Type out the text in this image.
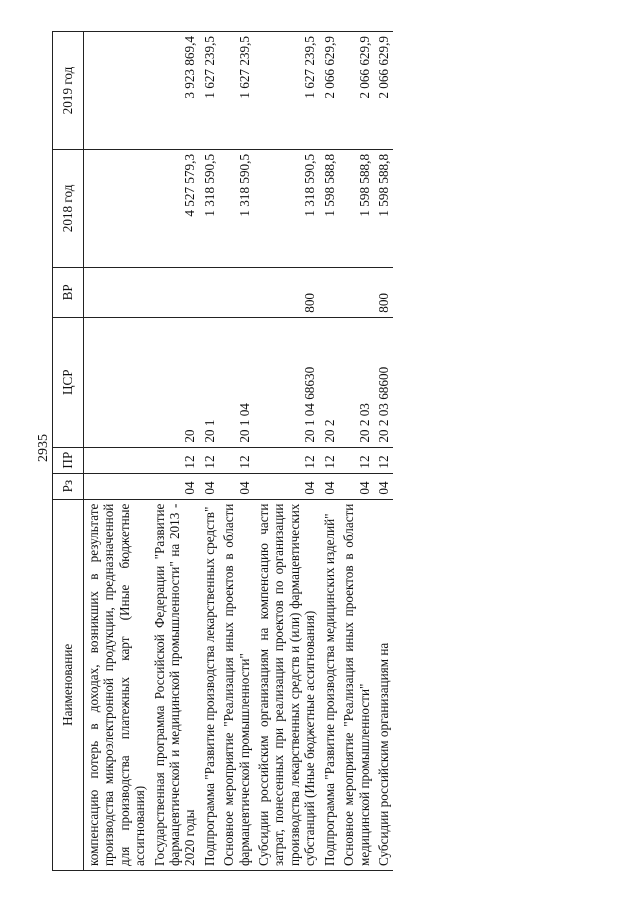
2935
Наименование	Рз	ПР	ЦСР	ВР	2018 год	2019 год
компенсацию потерь в доходах, возникших в результате производства микроэлектронной продукции, предназначенной для производства платежных карт (Иные бюджетные ассигнования)						
Государственная программа Российской Федерации "Развитие фармацевтической и медицинской промышленности" на 2013 - 2020 годы	04	12	20		4 527 579,3	3 923 869,4
Подпрограмма "Развитие производства лекарственных средств"	04	12	20 1		1 318 590,5	1 627 239,5
Основное мероприятие "Реализация иных проектов в области фармацевтической промышленности"	04	12	20 1 04		1 318 590,5	1 627 239,5
Субсидии российским организациям на компенсацию части затрат, понесенных при реализации проектов по организации производства лекарственных средств и (или) фармацевтических субстанций (Иные бюджетные ассигнования)	04	12	20 1 04 68630	800	1 318 590,5	1 627 239,5
Подпрограмма "Развитие производства медицинских изделий"	04	12	20 2		1 598 588,8	2 066 629,9
Основное мероприятие "Реализация иных проектов в области медицинской промышленности"	04	12	20 2 03		1 598 588,8	2 066 629,9
Субсидии российским организациям на	04	12	20 2 03 68600	800	1 598 588,8	2 066 629,9
